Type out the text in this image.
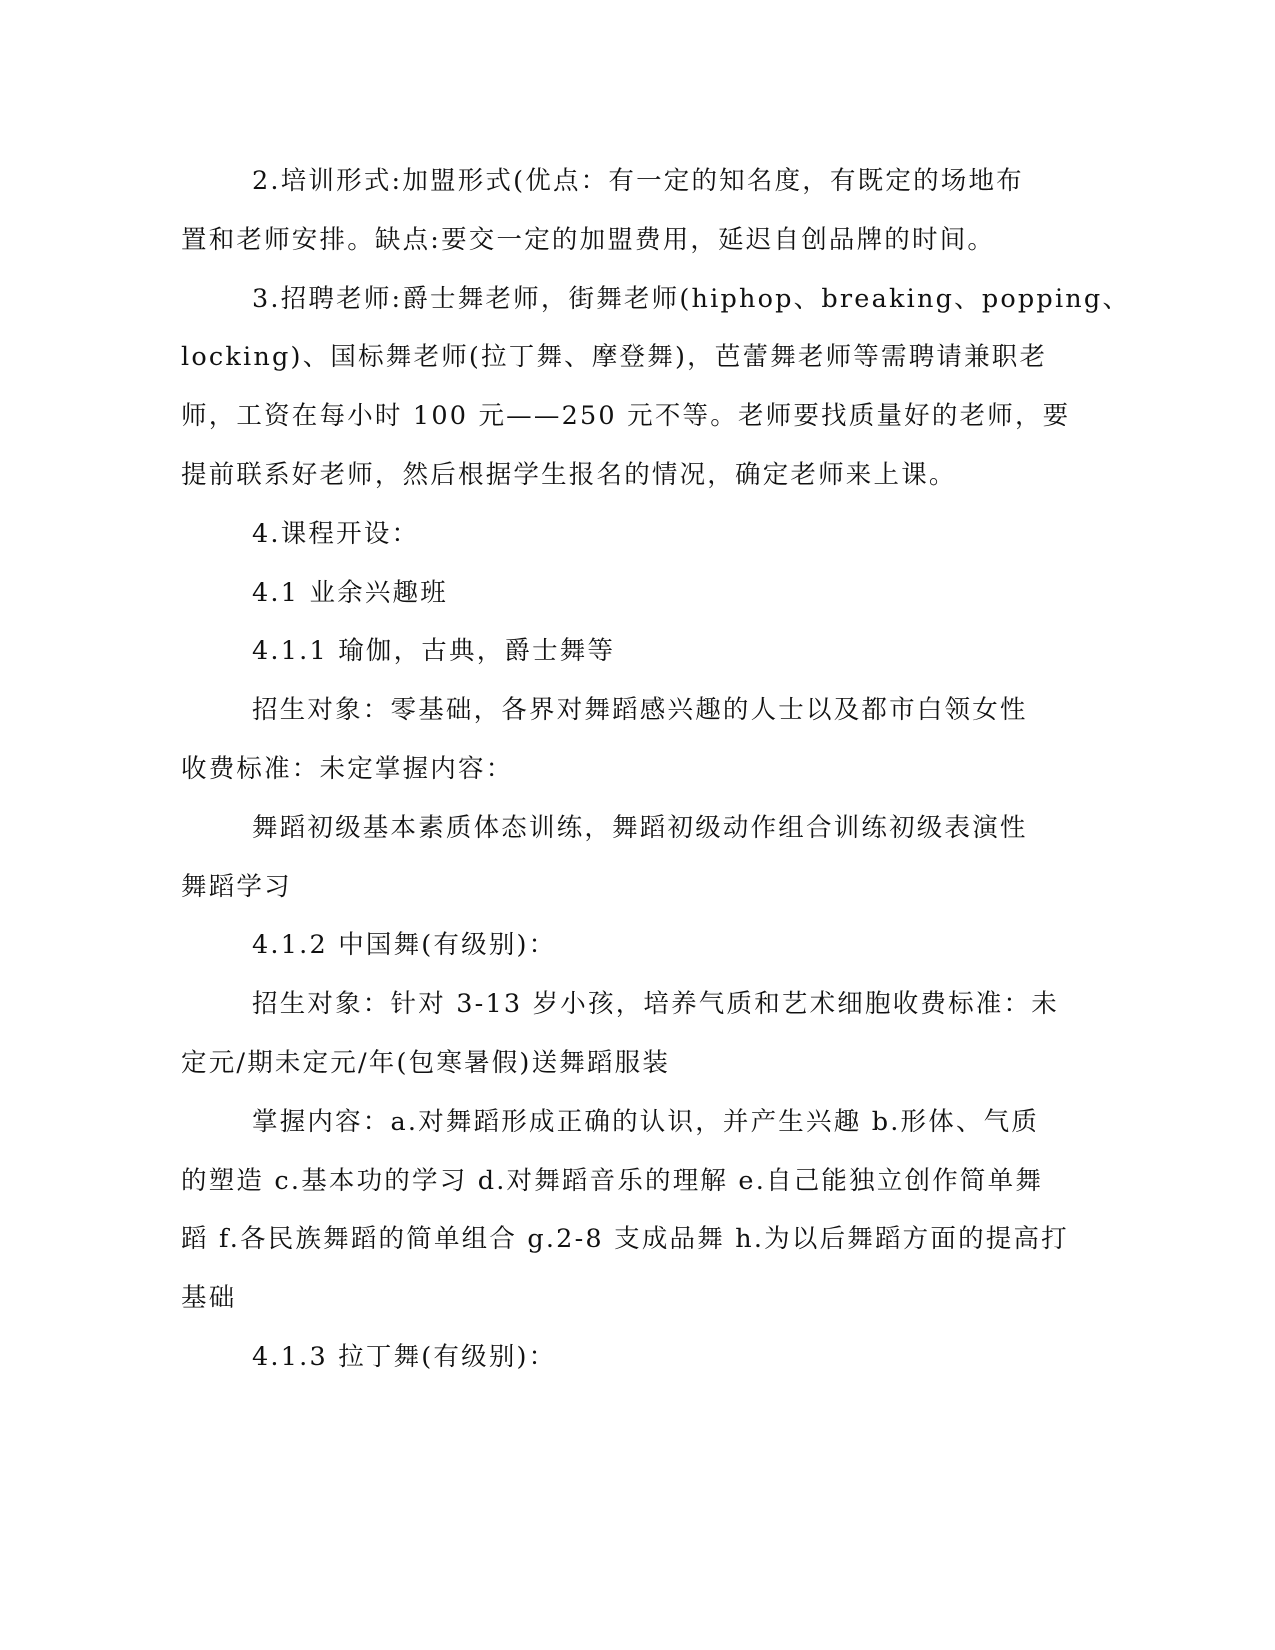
2.培训形式:加盟形式(优点：有一定的知名度，有既定的场地布
置和老师安排。缺点:要交一定的加盟费用，延迟自创品牌的时间。
3.招聘老师:爵士舞老师，街舞老师(hiphop、breaking、popping、
locking)、国标舞老师(拉丁舞、摩登舞)，芭蕾舞老师等需聘请兼职老
师，工资在每小时 100 元——250 元不等。老师要找质量好的老师，要
提前联系好老师，然后根据学生报名的情况，确定老师来上课。
4.课程开设：
4.1 业余兴趣班
4.1.1 瑜伽，古典，爵士舞等
招生对象：零基础，各界对舞蹈感兴趣的人士以及都市白领女性
收费标准：未定掌握内容：
舞蹈初级基本素质体态训练，舞蹈初级动作组合训练初级表演性
舞蹈学习
4.1.2 中国舞(有级别)：
招生对象：针对 3-13 岁小孩，培养气质和艺术细胞收费标准：未
定元/期未定元/年(包寒暑假)送舞蹈服装
掌握内容：a.对舞蹈形成正确的认识，并产生兴趣 b.形体、气质
的塑造 c.基本功的学习 d.对舞蹈音乐的理解 e.自己能独立创作简单舞
蹈 f.各民族舞蹈的简单组合 g.2-8 支成品舞 h.为以后舞蹈方面的提高打
基础
4.1.3 拉丁舞(有级别)：
